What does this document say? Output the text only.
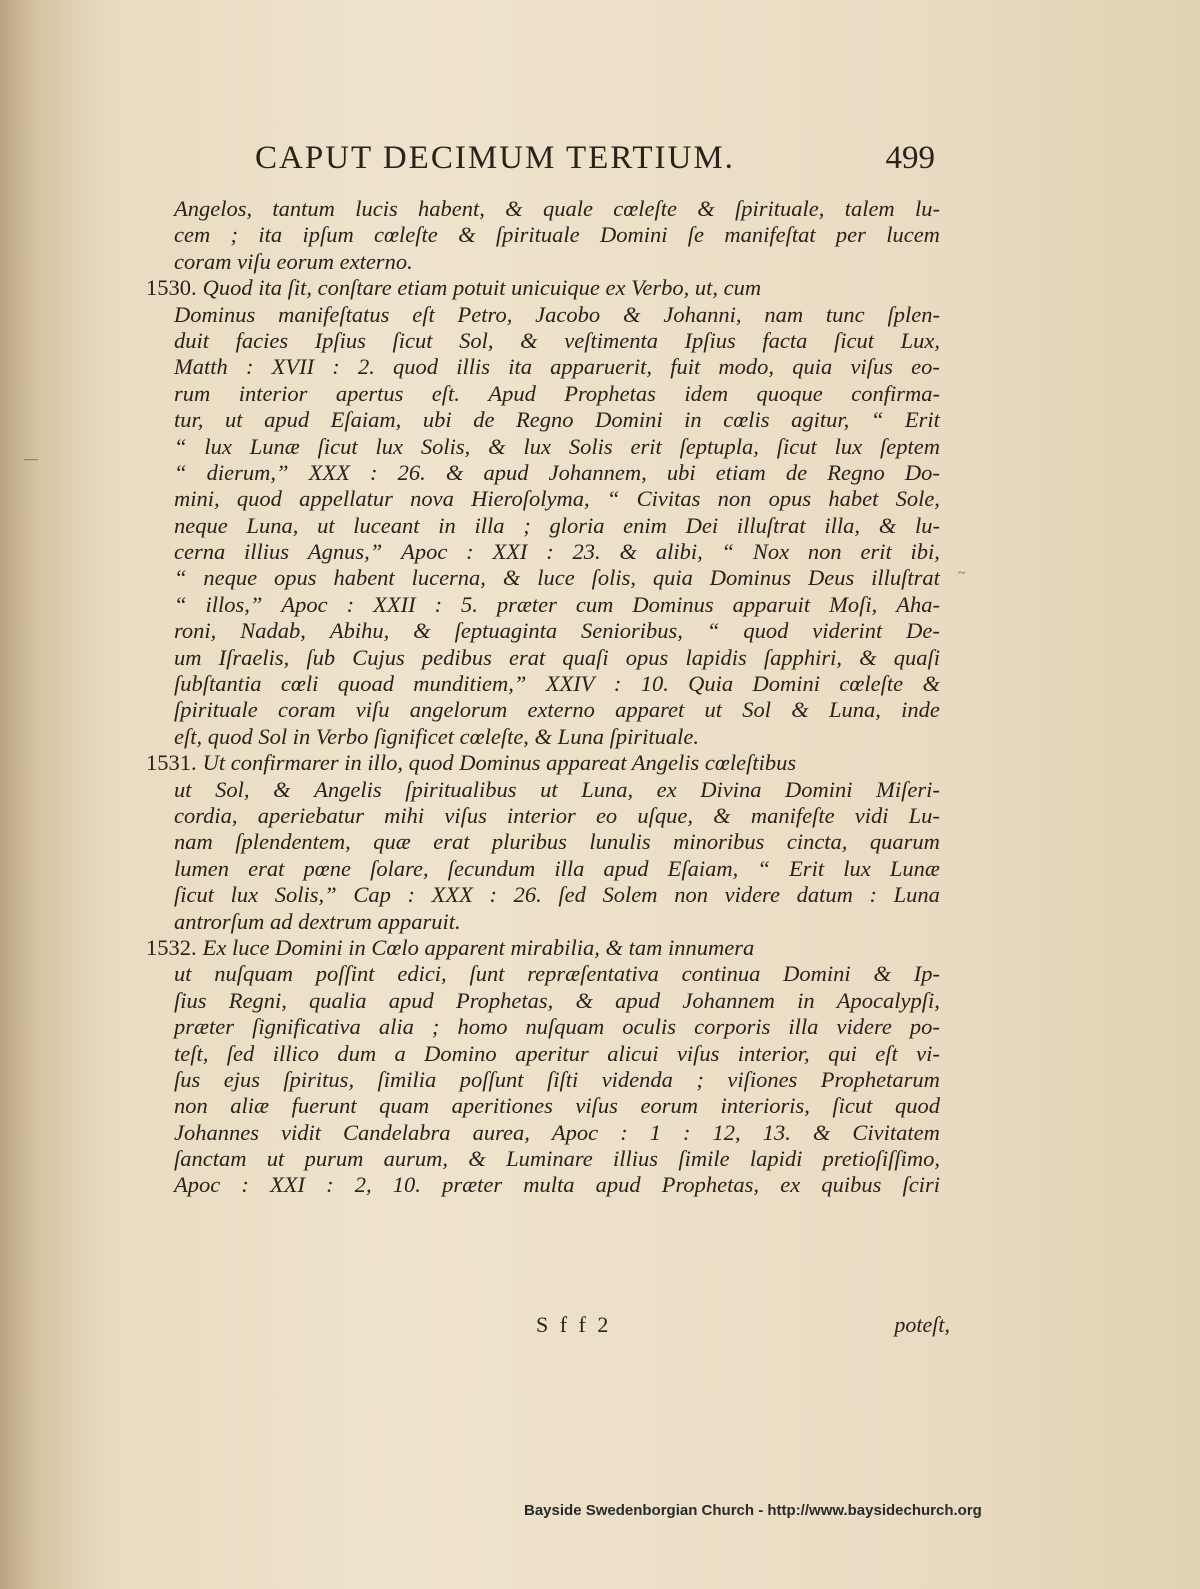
CAPUT DECIMUM TERTIUM.	499
Angelos, tantum lucis habent, & quale cœleſte & ſpirituale, talem lu-
cem ; ita ipſum cœleſte & ſpirituale Domini ſe manifeſtat per lucem
coram viſu eorum externo.
1530. Quod ita ſit, conſtare etiam potuit unicuique ex Verbo, ut, cum
Dominus manifeſtatus eſt Petro, Jacobo & Johanni, nam tunc ſplen-
duit facies Ipſius ſicut Sol, & veſtimenta Ipſius facta ſicut Lux,
Matth : XVII : 2. quod illis ita apparuerit, fuit modo, quia viſus eo-
rum interior apertus eſt. Apud Prophetas idem quoque confirma-
tur, ut apud Eſaiam, ubi de Regno Domini in cœlis agitur, “ Erit
“ lux Lunæ ſicut lux Solis, & lux Solis erit ſeptupla, ſicut lux ſeptem
“ dierum,” XXX : 26. & apud Johannem, ubi etiam de Regno Do-
mini, quod appellatur nova Hieroſolyma, “ Civitas non opus habet Sole,
neque Luna, ut luceant in illa ; gloria enim Dei illuſtrat illa, & lu-
cerna illius Agnus,” Apoc : XXI : 23. & alibi, “ Nox non erit ibi,
“ neque opus habent lucerna, & luce ſolis, quia Dominus Deus illuſtrat
“ illos,” Apoc : XXII : 5. præter cum Dominus apparuit Moſi, Aha-
roni, Nadab, Abihu, & ſeptuaginta Senioribus, “ quod viderint De-
um Iſraelis, ſub Cujus pedibus erat quaſi opus lapidis ſapphiri, & quaſi
ſubſtantia cœli quoad munditiem,” XXIV : 10. Quia Domini cœleſte &
ſpirituale coram viſu angelorum externo apparet ut Sol & Luna, inde
eſt, quod Sol in Verbo ſignificet cœleſte, & Luna ſpirituale.
1531. Ut confirmarer in illo, quod Dominus appareat Angelis cœleſtibus
ut Sol, & Angelis ſpiritualibus ut Luna, ex Divina Domini Miſeri-
cordia, aperiebatur mihi viſus interior eo uſque, & manifeſte vidi Lu-
nam ſplendentem, quæ erat pluribus lunulis minoribus cincta, quarum
lumen erat pœne ſolare, ſecundum illa apud Eſaiam, “ Erit lux Lunæ
ſicut lux Solis,” Cap : XXX : 26. ſed Solem non videre datum : Luna
antrorſum ad dextrum apparuit.
1532. Ex luce Domini in Cœlo apparent mirabilia, & tam innumera
ut nuſquam poſſint edici, ſunt repræſentativa continua Domini & Ip-
ſius Regni, qualia apud Prophetas, & apud Johannem in Apocalypſi,
præter ſignificativa alia ; homo nuſquam oculis corporis illa videre po-
teſt, ſed illico dum a Domino aperitur alicui viſus interior, qui eſt vi-
ſus ejus ſpiritus, ſimilia poſſunt ſiſti videnda ; viſiones Prophetarum
non aliæ fuerunt quam aperitiones viſus eorum interioris, ſicut quod
Johannes vidit Candelabra aurea, Apoc : 1 : 12, 13. & Civitatem
ſanctam ut purum aurum, & Luminare illius ſimile lapidi pretioſiſſimo,
Apoc : XXI : 2, 10. præter multa apud Prophetas, ex quibus ſciri
S f f 2	poteſt,
—
~
Bayside Swedenborgian Church - http://www.baysidechurch.org
